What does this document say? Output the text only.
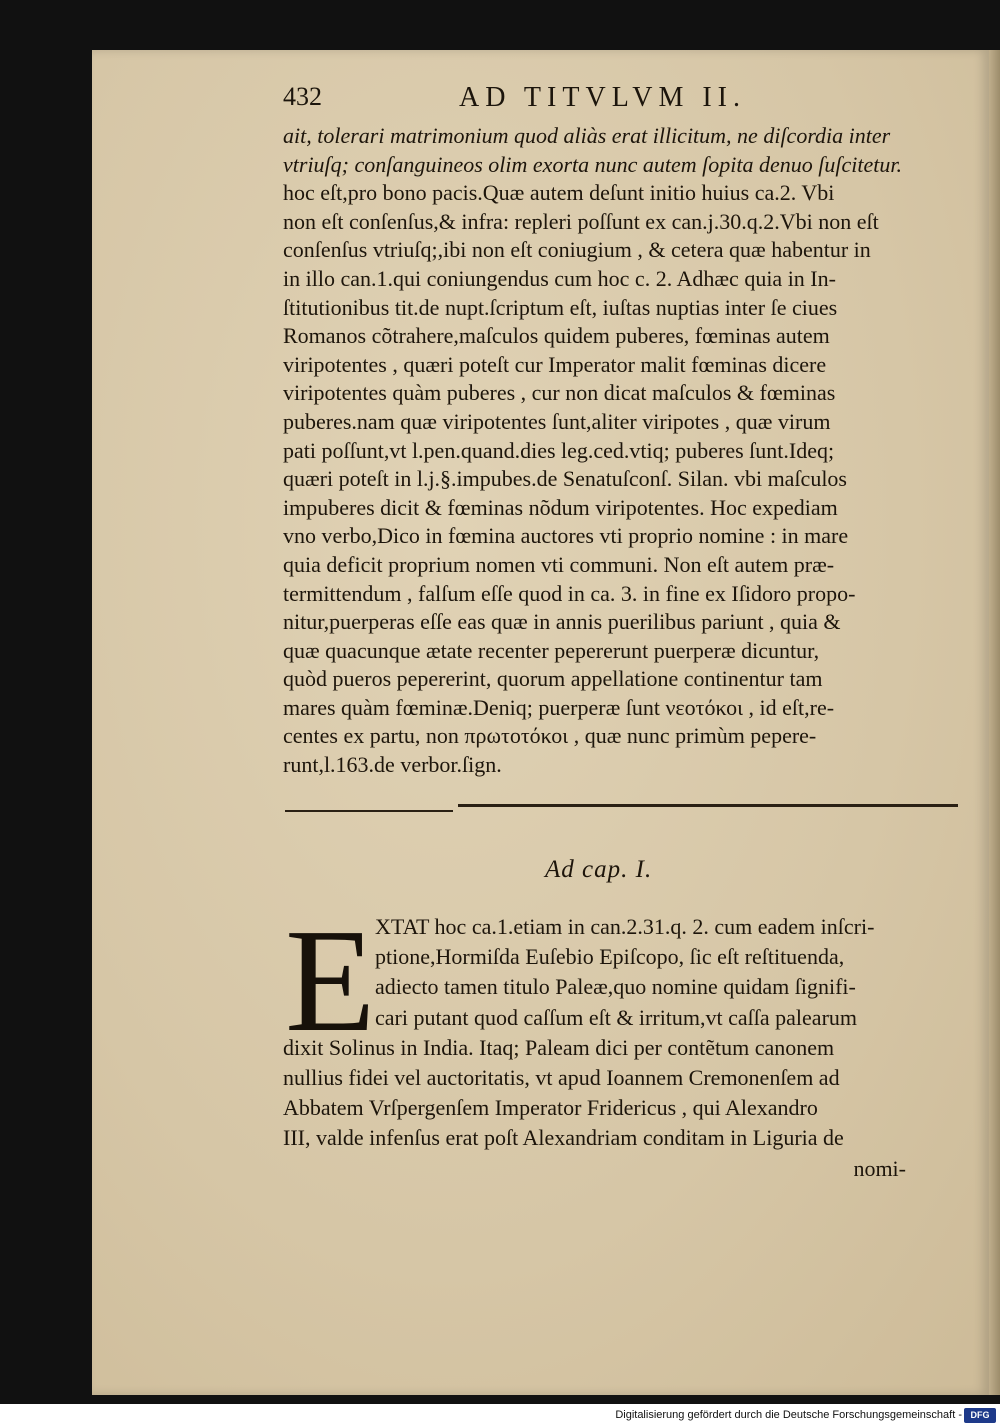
432	AD TITVLVM II.
ait, tolerari matrimonium quod aliàs erat illicitum, ne diſcordia inter
vtriuſq; conſanguineos olim exorta nunc autem ſopita denuo ſuſcitetur.
hoc eſt,pro bono pacis.Quæ autem deſunt initio huius ca.2. Vbi
non eſt conſenſus,& infra: repleri poſſunt ex can.j.30.q.2.Vbi non eſt
conſenſus vtriuſq;,ibi non eſt coniugium , & cetera quæ habentur in
in illo can.1.qui coniungendus cum hoc c. 2. Adhæc quia in In-
ſtitutionibus tit.de nupt.ſcriptum eſt, iuſtas nuptias inter ſe ciues
Romanos cõtrahere,maſculos quidem puberes, fœminas autem
viripotentes , quæri poteſt cur Imperator malit fœminas dicere
viripotentes quàm puberes , cur non dicat maſculos & fœminas
puberes.nam quæ viripotentes ſunt,aliter viripotes , quæ virum
pati poſſunt,vt l.pen.quand.dies leg.ced.vtiq; puberes ſunt.Ideq;
quæri poteſt in l.j.§.impubes.de Senatuſconſ. Silan. vbi maſculos
impuberes dicit & fœminas nõdum viripotentes. Hoc expediam
vno verbo,Dico in fœmina auctores vti proprio nomine : in mare
quia deficit proprium nomen vti communi. Non eſt autem præ-
termittendum , falſum eſſe quod in ca. 3. in fine ex Iſidoro propo-
nitur,puerperas eſſe eas quæ in annis puerilibus pariunt , quia &
quæ quacunque ætate recenter pepererunt puerperæ dicuntur,
quòd pueros pepererint, quorum appellatione continentur tam
mares quàm fœminæ.Deniq; puerperæ ſunt νεοτόκοι , id eſt,re-
centes ex partu, non πρωτοτόκοι , quæ nunc primùm pepere-
runt,l.163.de verbor.ſign.
Ad cap. I.
E XTAT hoc ca.1.etiam in can.2.31.q. 2. cum eadem inſcri-
ptione,Hormiſda Euſebio Epiſcopo, ſic eſt reſtituenda,
adiecto tamen titulo Paleæ,quo nomine quidam ſignifi-
cari putant quod caſſum eſt & irritum,vt caſſa palearum
dixit Solinus in India. Itaq; Paleam dici per contẽtum canonem
nullius fidei vel auctoritatis, vt apud Ioannem Cremonenſem ad
Abbatem Vrſpergenſem Imperator Fridericus , qui Alexandro
III, valde infenſus erat poſt Alexandriam conditam in Liguria de
nomi-
Digitalisierung gefördert durch die Deutsche Forschungsgemeinschaft - DFG
